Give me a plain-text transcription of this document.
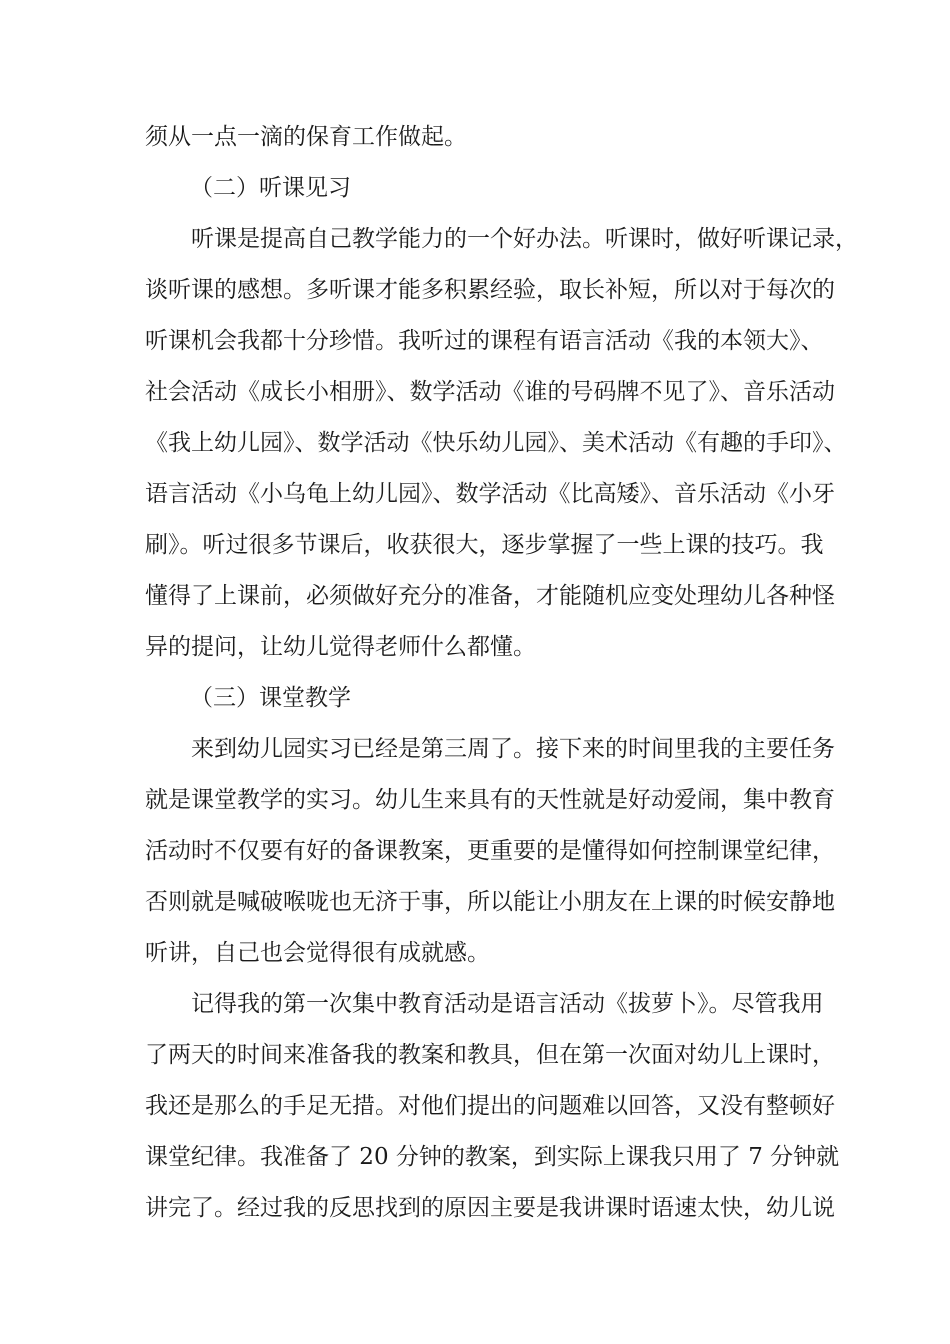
须从一点一滴的保育工作做起。
（二）听课见习
听课是提高自己教学能力的一个好办法。听课时，做好听课记录，
谈听课的感想。多听课才能多积累经验，取长补短，所以对于每次的
听课机会我都十分珍惜。我听过的课程有语言活动《我的本领大》、
社会活动《成长小相册》、数学活动《谁的号码牌不见了》、音乐活动
《我上幼儿园》、数学活动《快乐幼儿园》、美术活动《有趣的手印》、
语言活动《小乌龟上幼儿园》、数学活动《比高矮》、音乐活动《小牙
刷》。听过很多节课后，收获很大，逐步掌握了一些上课的技巧。我
懂得了上课前，必须做好充分的准备，才能随机应变处理幼儿各种怪
异的提问，让幼儿觉得老师什么都懂。
（三）课堂教学
来到幼儿园实习已经是第三周了。接下来的时间里我的主要任务
就是课堂教学的实习。幼儿生来具有的天性就是好动爱闹，集中教育
活动时不仅要有好的备课教案，更重要的是懂得如何控制课堂纪律，
否则就是喊破喉咙也无济于事，所以能让小朋友在上课的时候安静地
听讲，自己也会觉得很有成就感。
记得我的第一次集中教育活动是语言活动《拔萝卜》。尽管我用
了两天的时间来准备我的教案和教具，但在第一次面对幼儿上课时，
我还是那么的手足无措。对他们提出的问题难以回答，又没有整顿好
课堂纪律。我准备了 20 分钟的教案，到实际上课我只用了 7 分钟就
讲完了。经过我的反思找到的原因主要是我讲课时语速太快，幼儿说
